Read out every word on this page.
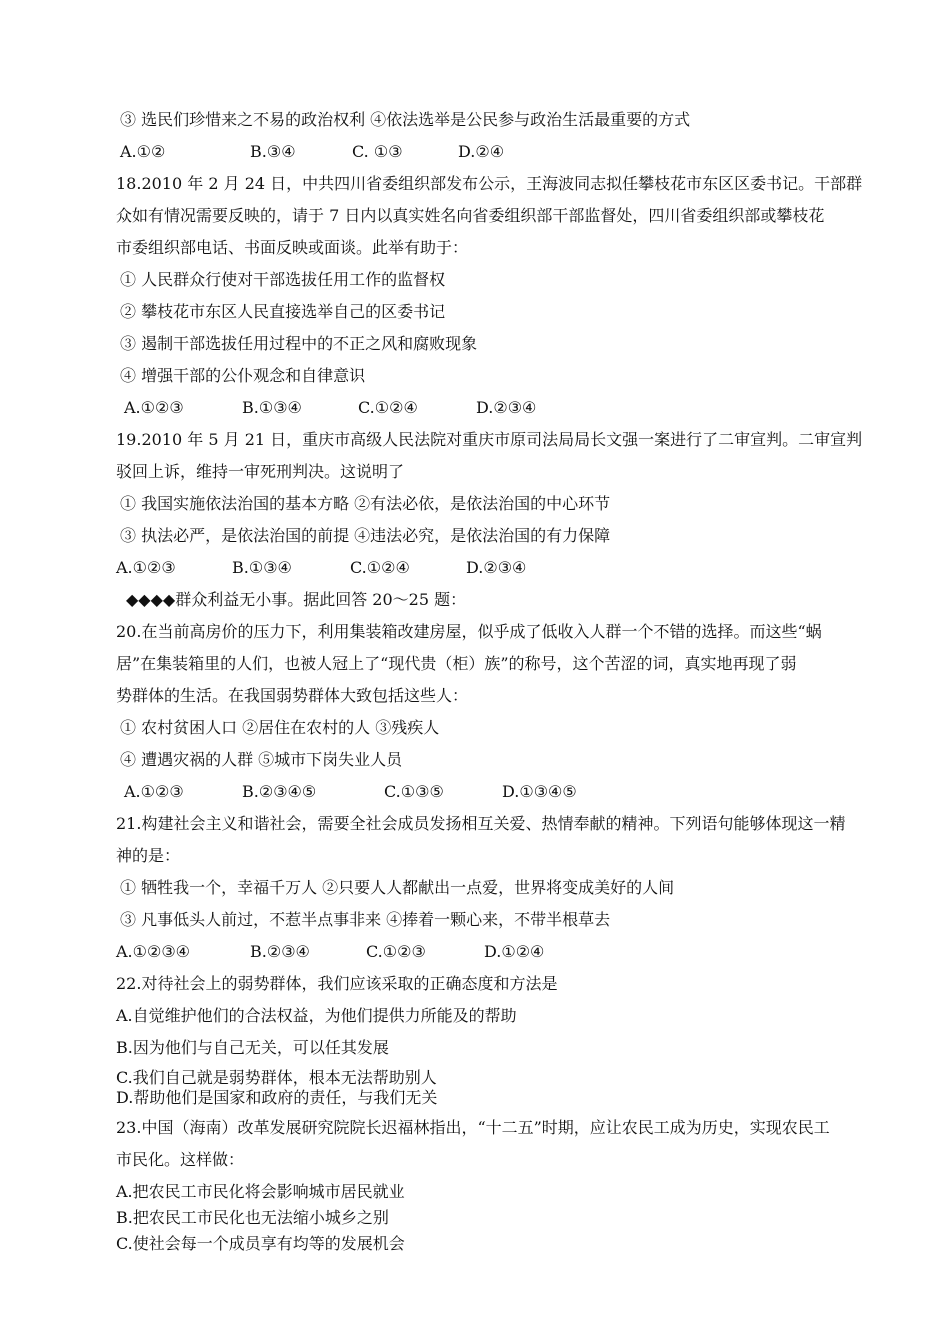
③ 选民们珍惜来之不易的政治权利 ④依法选举是公民参与政治生活最重要的方式
A.①②	B.③④	C. ①③	D.②④
18.2010 年 2 月 24 日，中共四川省委组织部发布公示，王海波同志拟任攀枝花市东区区委书记。干部群
众如有情况需要反映的，请于 7 日内以真实姓名向省委组织部干部监督处，四川省委组织部或攀枝花
市委组织部电话、书面反映或面谈。此举有助于：
① 人民群众行使对干部选拔任用工作的监督权
② 攀枝花市东区人民直接选举自己的区委书记
③ 遏制干部选拔任用过程中的不正之风和腐败现象
④ 增强干部的公仆观念和自律意识
A.①②③	B.①③④	C.①②④	D.②③④
19.2010 年 5 月 21 日，重庆市高级人民法院对重庆市原司法局局长文强一案进行了二审宣判。二审宣判
驳回上诉，维持一审死刑判决。这说明了
① 我国实施依法治国的基本方略 ②有法必依，是依法治国的中心环节
③ 执法必严，是依法治国的前提 ④违法必究，是依法治国的有力保障
A.①②③	B.①③④	C.①②④	D.②③④
◆◆◆◆群众利益无小事。据此回答 20～25 题：
20.在当前高房价的压力下，利用集装箱改建房屋，似乎成了低收入人群一个不错的选择。而这些“蜗
居”在集装箱里的人们，也被人冠上了“现代贵（柜）族”的称号，这个苦涩的词，真实地再现了弱
势群体的生活。在我国弱势群体大致包括这些人：
① 农村贫困人口 ②居住在农村的人 ③残疾人
④ 遭遇灾祸的人群 ⑤城市下岗失业人员
A.①②③	B.②③④⑤	C.①③⑤	D.①③④⑤
21.构建社会主义和谐社会，需要全社会成员发扬相互关爱、热情奉献的精神。下列语句能够体现这一精
神的是：
① 牺牲我一个，幸福千万人 ②只要人人都献出一点爱，世界将变成美好的人间
③ 凡事低头人前过，不惹半点事非来 ④捧着一颗心来，不带半根草去
A.①②③④	B.②③④	C.①②③	D.①②④
22.对待社会上的弱势群体，我们应该采取的正确态度和方法是
A.自觉维护他们的合法权益，为他们提供力所能及的帮助
B.因为他们与自己无关，可以任其发展
C.我们自己就是弱势群体，根本无法帮助别人
D.帮助他们是国家和政府的责任，与我们无关
23.中国（海南）改革发展研究院院长迟福林指出，“十二五”时期，应让农民工成为历史，实现农民工
市民化。这样做：
A.把农民工市民化将会影响城市居民就业
B.把农民工市民化也无法缩小城乡之别
C.使社会每一个成员享有均等的发展机会
